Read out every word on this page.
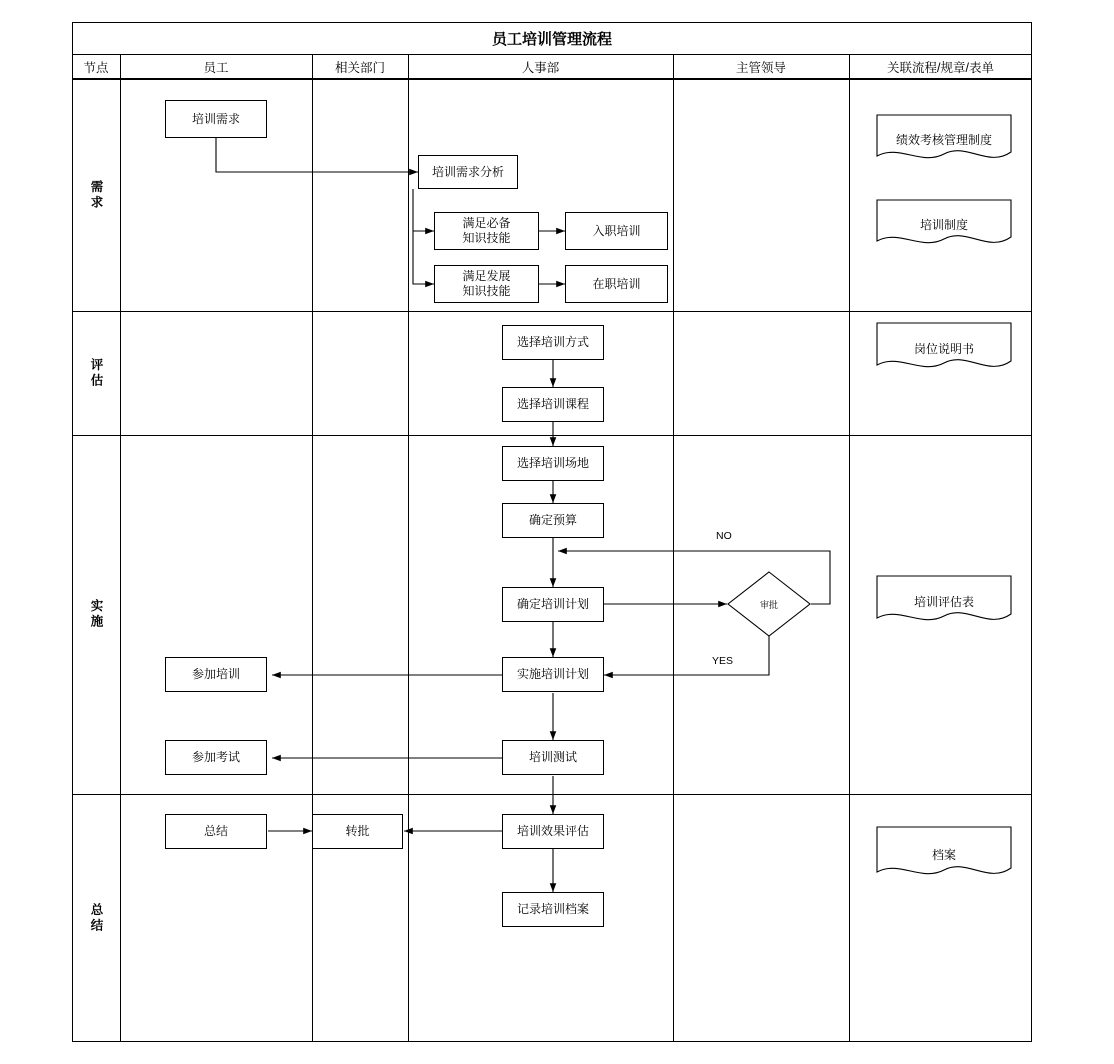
员工培训管理流程
节点	员工	相关部门	人事部	主管领导	关联流程/规章/表单
需求
评估
实施
总结
NO
YES
培训需求
培训需求分析
满足必备
知识技能
入职培训
满足发展
知识技能
在职培训
选择培训方式
选择培训课程
选择培训场地
确定预算
确定培训计划	审批
实施培训计划
参加培训
培训测试
参加考试
培训效果评估
转批
总结
记录培训档案
绩效考核管理制度
培训制度
岗位说明书
培训评估表
档案
